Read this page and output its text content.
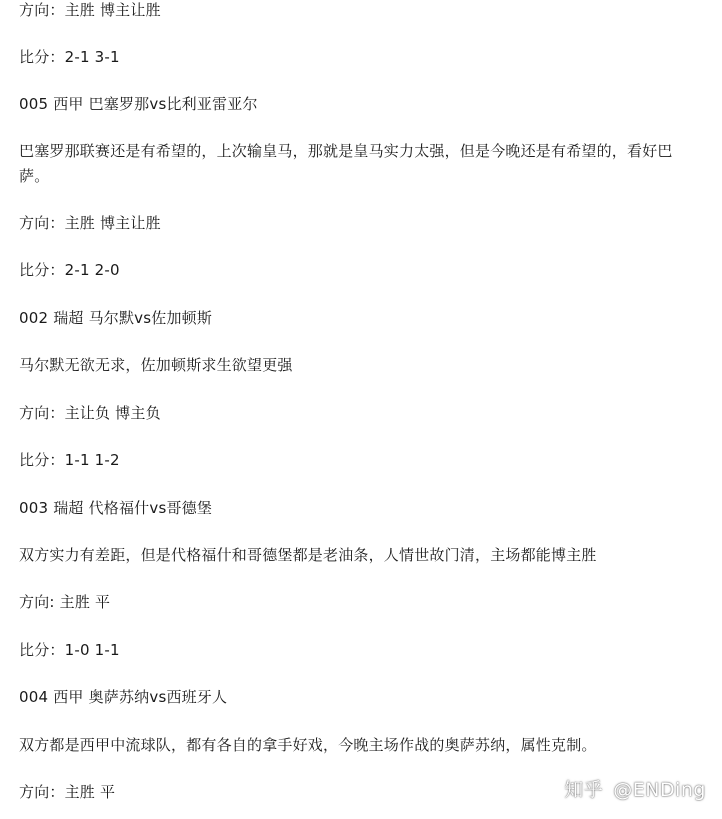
方向：主胜 博主让胜
比分：2-1 3-1
005 西甲 巴塞罗那vs比利亚雷亚尔
巴塞罗那联赛还是有希望的，上次输皇马，那就是皇马实力太强，但是今晚还是有希望的，看好巴萨。
方向：主胜 博主让胜
比分：2-1 2-0
002 瑞超 马尔默vs佐加顿斯
马尔默无欲无求，佐加顿斯求生欲望更强
方向：主让负 博主负
比分：1-1 1-2
003 瑞超 代格福什vs哥德堡
双方实力有差距，但是代格福什和哥德堡都是老油条，人情世故门清，主场都能博主胜
方向: 主胜 平
比分：1-0 1-1
004 西甲 奥萨苏纳vs西班牙人
双方都是西甲中流球队，都有各自的拿手好戏，今晚主场作战的奥萨苏纳，属性克制。
方向：主胜 平	知乎 @ENDing
